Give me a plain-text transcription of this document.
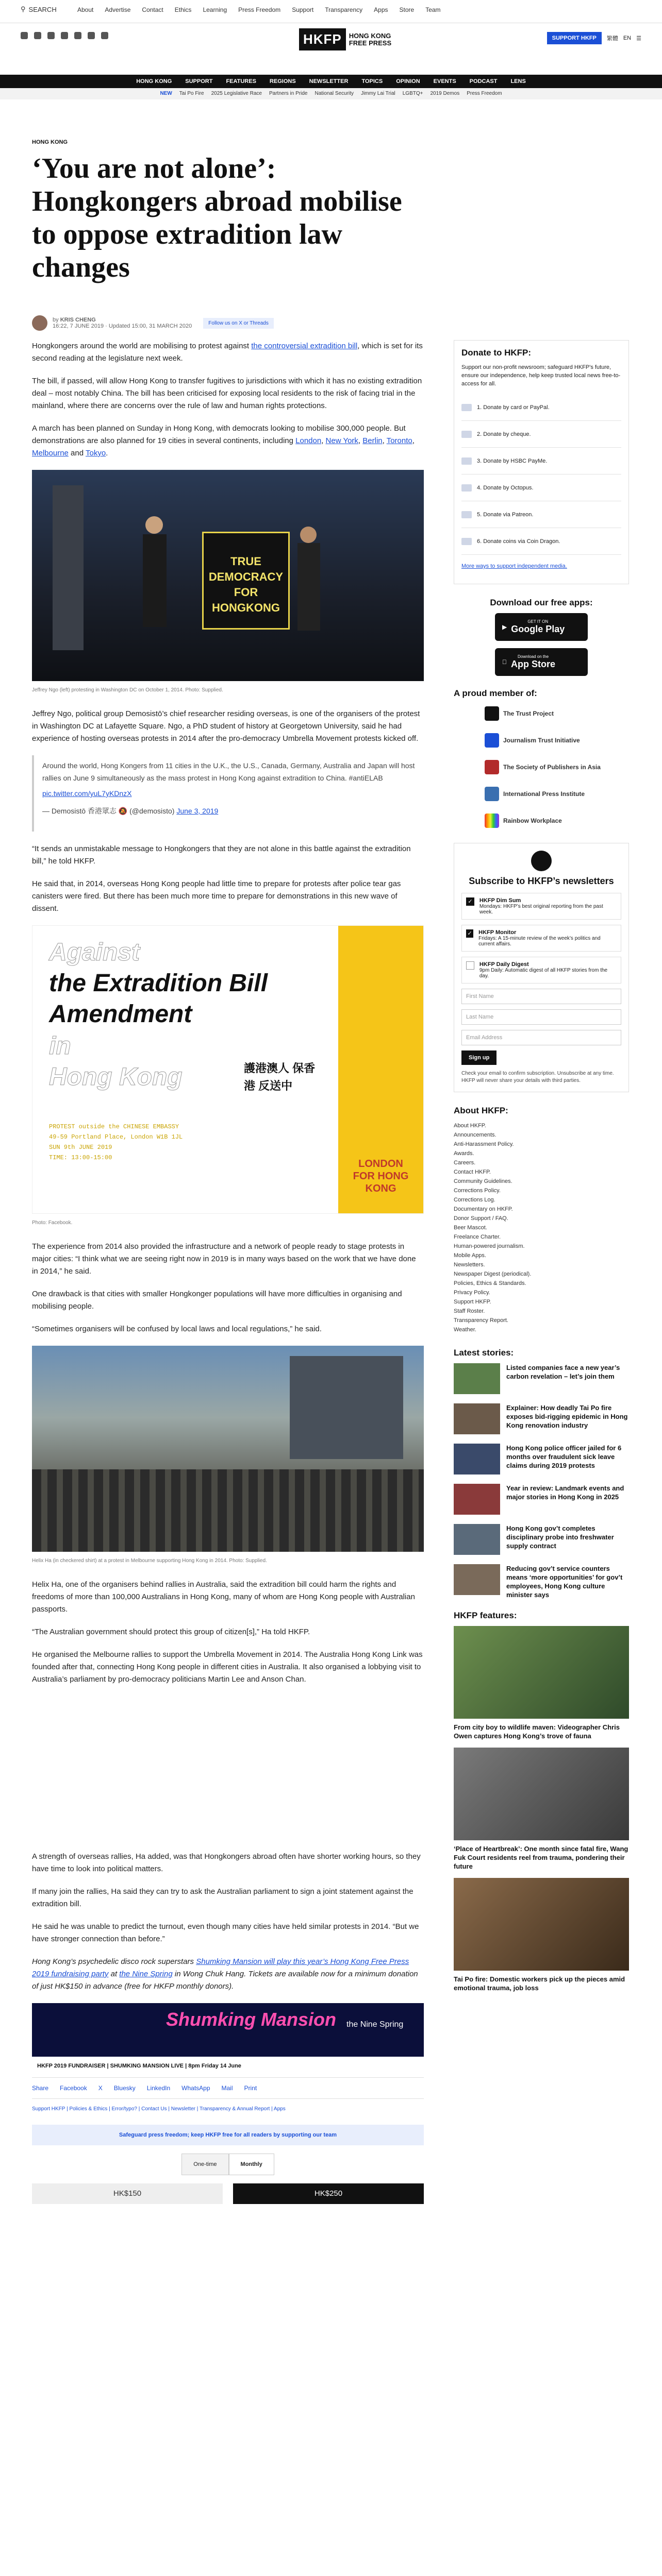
⚲ SEARCH	About Advertise Contact Ethics Learning Press Freedom Support Transparency Apps Store Team
HKFP	HONG KONG
FREE PRESS
SUPPORT HKFP	繁體 EN ☰
HONG KONG SUPPORT FEATURES REGIONS NEWSLETTER TOPICS OPINION EVENTS PODCAST LENS
NEW Tai Po Fire 2025 Legislative Race Partners in Pride National Security Jimmy Lai Trial LGBTQ+ 2019 Demos Press Freedom
HONG KONG
‘You are not alone’: Hongkongers abroad mobilise to oppose extradition law changes
by KRIS CHENG
16:22, 7 JUNE 2019 · Updated 15:00, 31 MARCH 2020	Follow us on X or Threads

Hongkongers around the world are mobilising to protest against the controversial extradition bill, which is set for its second reading at the legislature next week.

The bill, if passed, will allow Hong Kong to transfer fugitives to jurisdictions with which it has no existing extradition deal – most notably China. The bill has been criticised for exposing local residents to the risk of facing trial in the mainland, where there are concerns over the rule of law and human rights protections.

A march has been planned on Sunday in Hong Kong, with democrats looking to mobilise 300,000 people. But demonstrations are also planned for 19 cities in several continents, including London, New York, Berlin, Toronto, Melbourne and Tokyo.

TRUE DEMOCRACY FOR HONGKONG
Jeffrey Ngo (left) protesting in Washington DC on October 1, 2014. Photo: Supplied.

Jeffrey Ngo, political group Demosistō’s chief researcher residing overseas, is one of the organisers of the protest in Washington DC at Lafayette Square. Ngo, a PhD student of history at Georgetown University, said he had experience of hosting overseas protests in 2014 after the pro-democracy Umbrella Movement protests kicked off.

Around the world, Hong Kongers from 11 cities in the U.K., the U.S., Canada, Germany, Australia and Japan will host rallies on June 9 simultaneously as the mass protest in Hong Kong against extradition to China. #antiELAB

pic.twitter.com/yuL7yKDnzX

— Demosistō 香港眾志 🔕 (@demosisto) June 3, 2019

“It sends an unmistakable message to Hongkongers that they are not alone in this battle against the extradition bill,” he told HKFP.

He said that, in 2014, overseas Hong Kong people had little time to prepare for protests after police tear gas canisters were fired. But there has been much more time to prepare for demonstrations in this new wave of dissent.

Against
the Extradition Bill
Amendment
in
Hong Kong	護港澳人 保香港 反送中
PROTEST outside the CHINESE EMBASSY
49-59 Portland Place, London W1B 1JL
SUN 9th JUNE 2019
TIME: 13:00-15:00
LONDON FOR HONG KONG
Photo: Facebook.

The experience from 2014 also provided the infrastructure and a network of people ready to stage protests in major cities: “I think what we are seeing right now in 2019 is in many ways based on the work that we have done in 2014,” he said.

One drawback is that cities with smaller Hongkonger populations will have more difficulties in organising and mobilising people.

“Sometimes organisers will be confused by local laws and local regulations,” he said.

Helix Ha (in checkered shirt) at a protest in Melbourne supporting Hong Kong in 2014. Photo: Supplied.

Helix Ha, one of the organisers behind rallies in Australia, said the extradition bill could harm the rights and freedoms of more than 100,000 Australians in Hong Kong, many of whom are Hong Kong people with Australian passports.

“The Australian government should protect this group of citizen[s],” Ha told HKFP.

He organised the Melbourne rallies to support the Umbrella Movement in 2014. The Australia Hong Kong Link was founded after that, connecting Hong Kong people in different cities in Australia. It also organised a lobbying visit to Australia’s parliament by pro-democracy politicians Martin Lee and Anson Chan.

A strength of overseas rallies, Ha added, was that Hongkongers abroad often have shorter working hours, so they have time to look into political matters.

If many join the rallies, Ha said they can try to ask the Australian parliament to sign a joint statement against the extradition bill.

He said he was unable to predict the turnout, even though many cities have held similar protests in 2014. “But we have stronger connection than before.”

Hong Kong’s psychedelic disco rock superstars Shumking Mansion will play this year’s Hong Kong Free Press 2019 fundraising party at the Nine Spring in Wong Chuk Hang. Tickets are available now for a minimum donation of just HK$150 in advance (free for HKFP monthly donors).

Shumking Mansion the Nine Spring
HKFP 2019 FUNDRAISER | SHUMKING MANSION LIVE | 8pm Friday 14 June
Share Facebook X Bluesky LinkedIn WhatsApp Mail Print
Support HKFP | Policies & Ethics | Error/typo? | Contact Us | Newsletter | Transparency & Annual Report | Apps
Safeguard press freedom; keep HKFP free for all readers by supporting our team
One-time	Monthly
HK$150	HK$250
Donate to HKFP:

Support our non-profit newsroom; safeguard HKFP's future, ensure our independence, help keep trusted local news free-to-access for all.

1. Donate by card or PayPal.
2. Donate by cheque.
3. Donate by HSBC PayMe.
4. Donate by Octopus.
5. Donate via Patreon.
6. Donate coins via Coin Dragon.

More ways to support independent media.

Download our free apps:
▶
GET IT ON
Google Play
Download on the
App Store
A proud member of:
The Trust Project
Journalism Trust Initiative
The Society of Publishers in Asia
International Press Institute
Rainbow Workplace
Subscribe to HKFP’s newsletters
✓	HKFP Dim Sum
Mondays: HKFP’s best original reporting from the past week.
✓ HKFP Monitor
Fridays: A 15-minute review of the week’s politics and current affairs.
HKFP Daily Digest
9pm Daily: Automatic digest of all HKFP stories from the day.
First Name
Last Name
Email Address
Sign up

Check your email to confirm subscription. Unsubscribe at any time. HKFP will never share your details with third parties.

About HKFP:
About HKFP.
Announcements.
Anti-Harassment Policy.
Awards.
Careers.
Contact HKFP.
Community Guidelines.
Corrections Policy.
Corrections Log.
Documentary on HKFP.
Donor Support / FAQ.
Beer Mascot.
Freelance Charter.
Human-powered journalism.
Mobile Apps.
Newsletters.
Newspaper Digest (periodical).
Policies, Ethics & Standards.
Privacy Policy.
Support HKFP.
Staff Roster.
Transparency Report.
Weather.
Latest stories:
Listed companies face a new year’s carbon revelation – let’s join them
Explainer: How deadly Tai Po fire exposes bid-rigging epidemic in Hong Kong renovation industry
Hong Kong police officer jailed for 6 months over fraudulent sick leave claims during 2019 protests
Year in review: Landmark events and major stories in Hong Kong in 2025
Hong Kong gov’t completes disciplinary probe into freshwater supply contract
Reducing gov’t service counters means ‘more opportunities’ for gov’t employees, Hong Kong culture minister says
HKFP features:
From city boy to wildlife maven: Videographer Chris Owen captures Hong Kong’s trove of fauna
‘Place of Heartbreak’: One month since fatal fire, Wang Fuk Court residents reel from trauma, pondering their future
Tai Po fire: Domestic workers pick up the pieces amid emotional trauma, job loss
